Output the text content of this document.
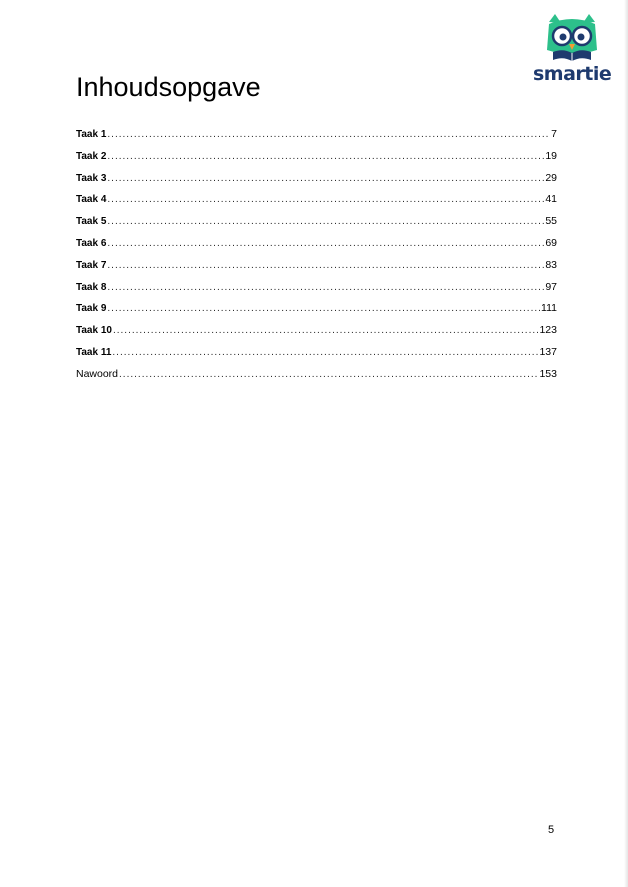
smartie
Inhoudsopgave
Taak 1 .....	7
Taak 2 .....	19
Taak 3 .....	29
Taak 4 .....	41
Taak 5 .....	55
Taak 6 .....	69
Taak 7 .....	83
Taak 8 .....	97
Taak 9 .....	111
Taak 10 .....	123
Taak 11 .....	137
Nawoord .....	153
5
